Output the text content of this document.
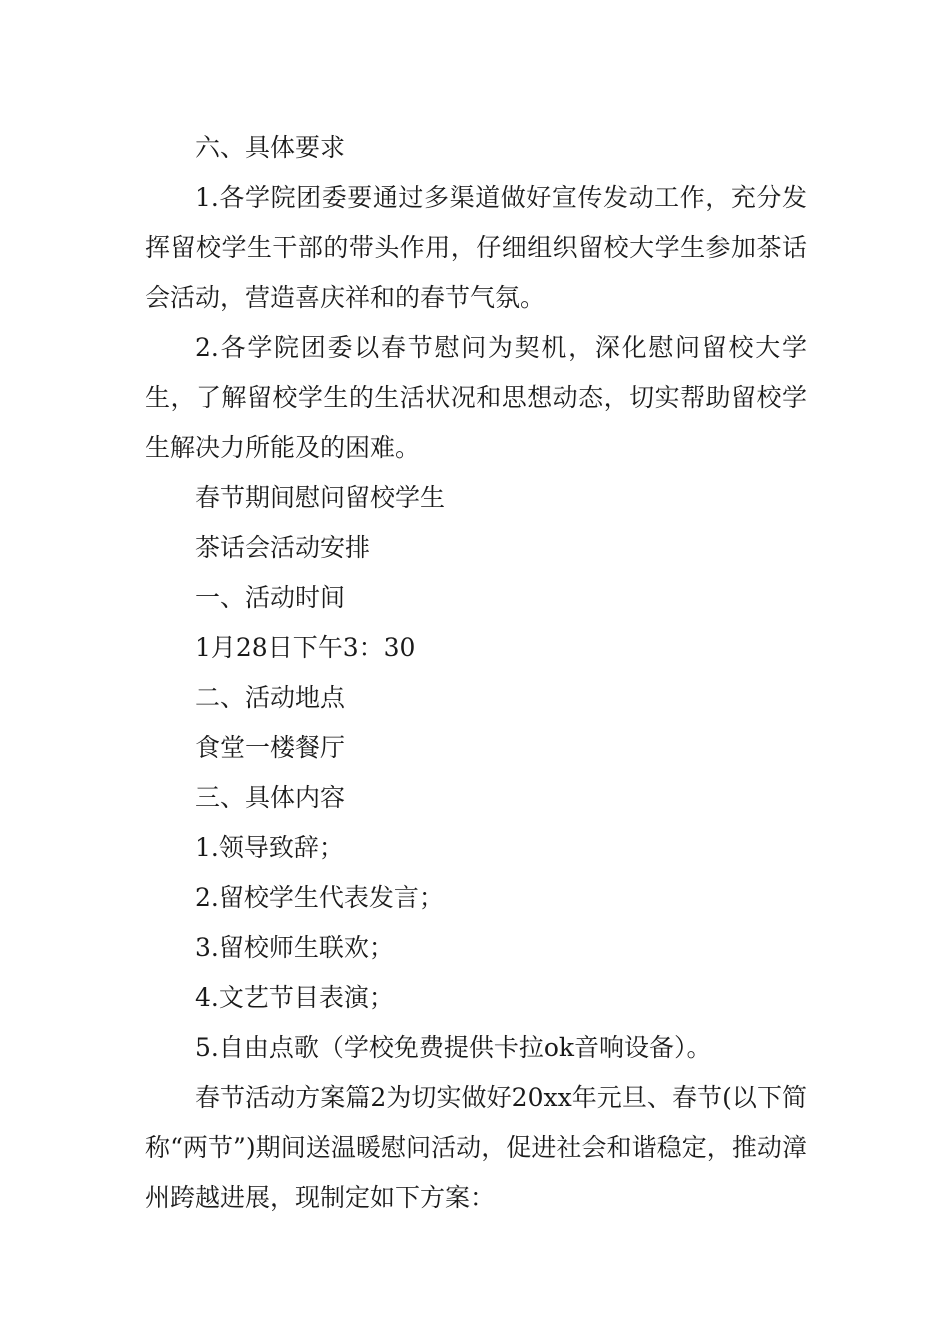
六、具体要求

1.各学院团委要通过多渠道做好宣传发动工作，充分发挥留校学生干部的带头作用，仔细组织留校大学生参加茶话会活动，营造喜庆祥和的春节气氛。

2.各学院团委以春节慰问为契机，深化慰问留校大学生，了解留校学生的生活状况和思想动态，切实帮助留校学生解决力所能及的困难。

春节期间慰问留校学生

茶话会活动安排

一、活动时间

1月28日下午3：30

二、活动地点

食堂一楼餐厅

三、具体内容

1.领导致辞；

2.留校学生代表发言；

3.留校师生联欢；

4.文艺节目表演；

5.自由点歌（学校免费提供卡拉ok音响设备）。

春节活动方案篇2为切实做好20xx年元旦、春节(以下简称“两节”)期间送温暖慰问活动，促进社会和谐稳定，推动漳州跨越进展，现制定如下方案：
